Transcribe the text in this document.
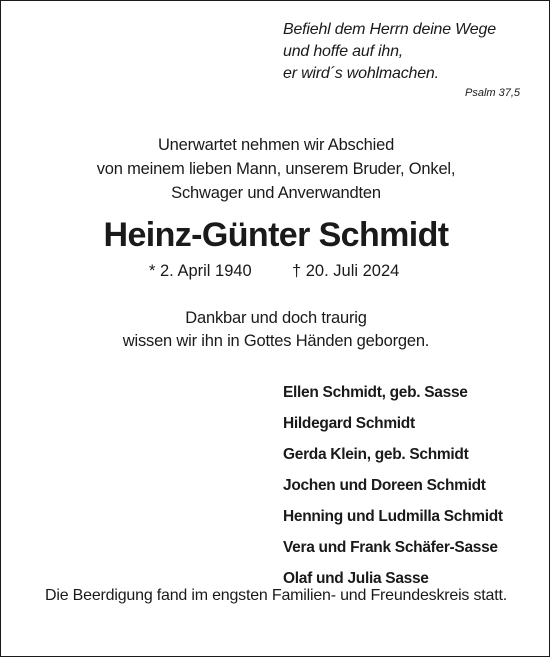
Befiehl dem Herrn deine Wege
und hoffe auf ihn,
er wird´s wohlmachen.
Psalm 37,5
Unerwartet nehmen wir Abschied
von meinem lieben Mann, unserem Bruder, Onkel,
Schwager und Anverwandten
Heinz-Günter Schmidt
* 2. April 1940 † 20. Juli 2024
Dankbar und doch traurig
wissen wir ihn in Gottes Händen geborgen.
Ellen Schmidt, geb. Sasse
Hildegard Schmidt
Gerda Klein, geb. Schmidt
Jochen und Doreen Schmidt
Henning und Ludmilla Schmidt
Vera und Frank Schäfer-Sasse
Olaf und Julia Sasse
Die Beerdigung fand im engsten Familien- und Freundeskreis statt.
